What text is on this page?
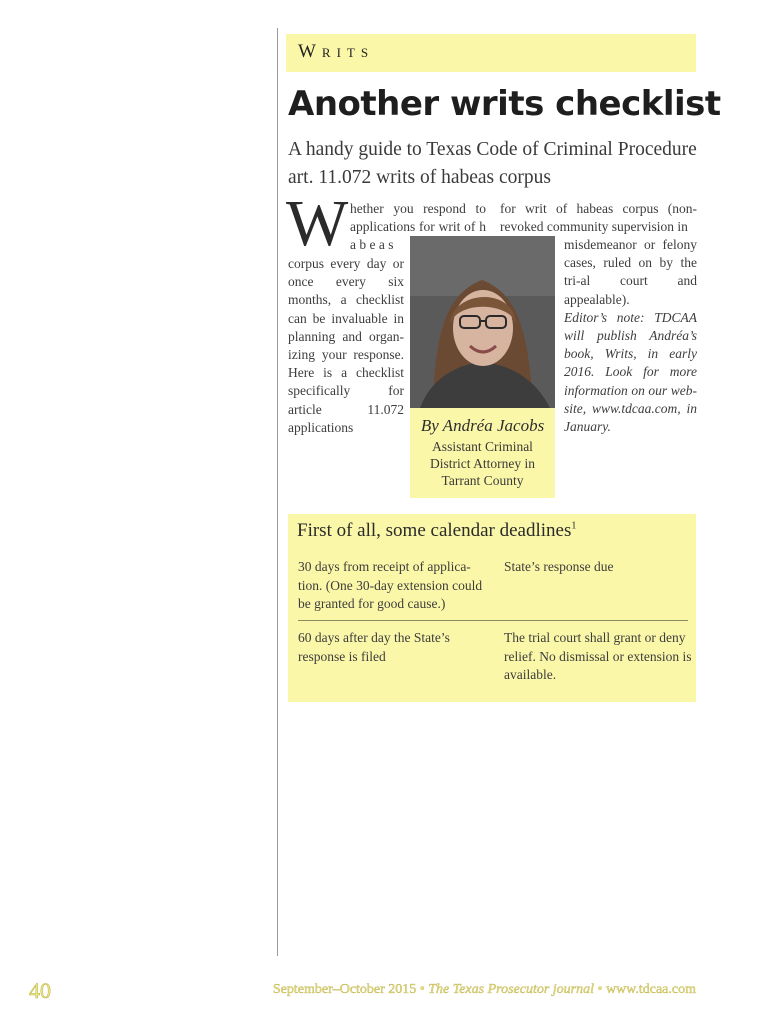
Writs
Another writs checklist
A handy guide to Texas Code of Criminal Procedure art. 11.072 writs of habeas corpus
W hether you respond to applications for writ of h a b e a s
corpus every day or once every six months, a checklist can be invaluable in planning and organ-izing your response. Here is a checklist specifically for article 11.072 applications
for writ of habeas corpus (non-revoked community supervision in

misdemeanor or felony cases, ruled on by the tri-al court and appealable).

Editor’s note: TDCAA will publish Andréa’s book, Writs, in early 2016. Look for more information on our web-site, www.tdcaa.com, in January.

By Andréa Jacobs
Assistant Criminal District Attorney in Tarrant County
First of all, some calendar deadlines$^1$
30 days from receipt of applica-tion. (One 30-day extension could be granted for good cause.)
State’s response due
60 days after day the State’s response is filed
The trial court shall grant or deny relief. No dismissal or extension is available.
40	September–October 2015 • The Texas Prosecutor journal • www.tdcaa.com
